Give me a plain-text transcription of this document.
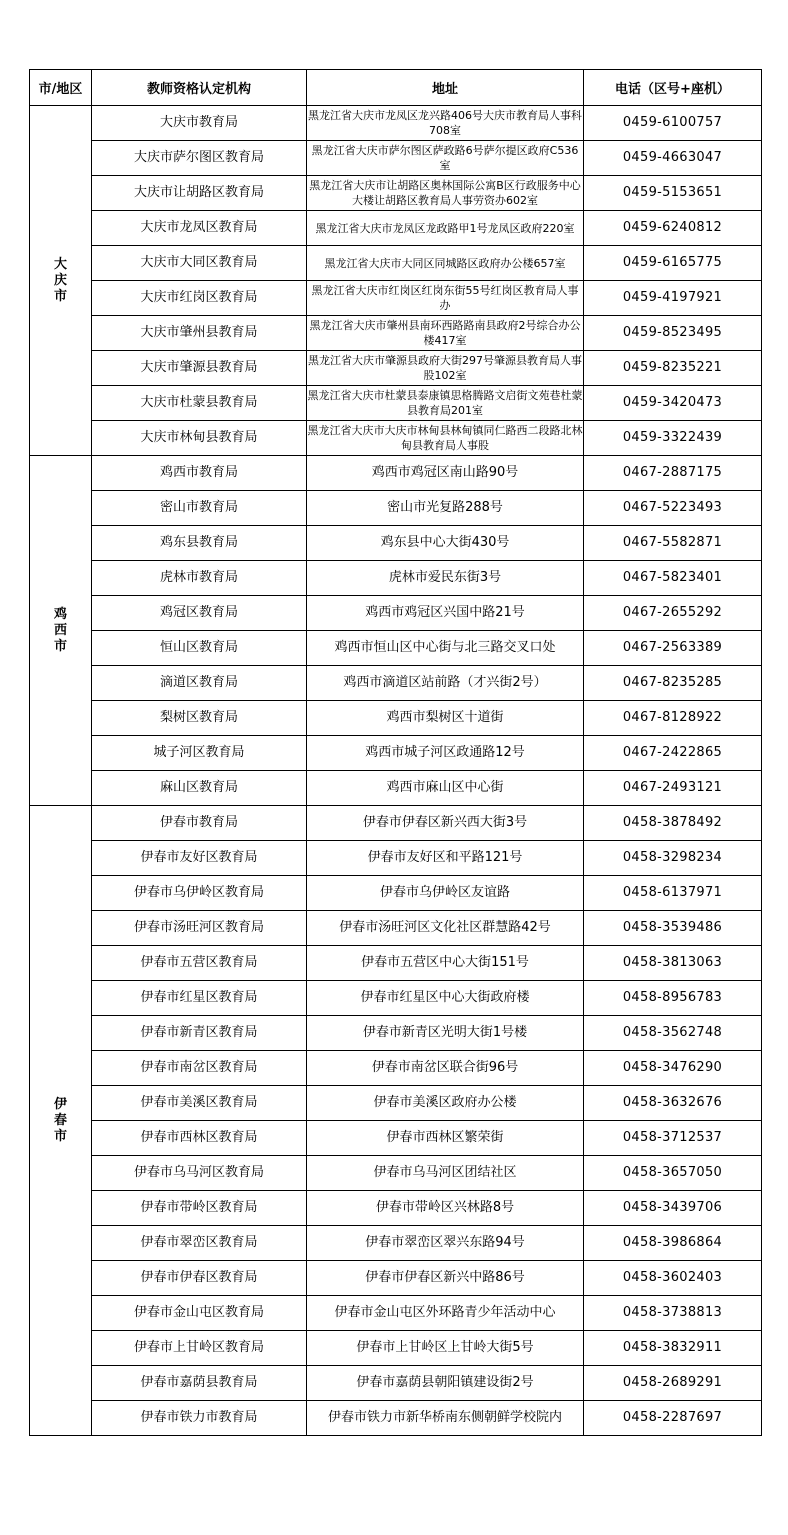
市/地区	教师资格认定机构	地址	电话（区号+座机）
大庆市	大庆市教育局	黑龙江省大庆市龙凤区龙兴路406号大庆市教育局人事科708室	0459-6100757
	大庆市萨尔图区教育局	黑龙江省大庆市萨尔图区萨政路6号萨尔提区政府C536室	0459-4663047
	大庆市让胡路区教育局	黑龙江省大庆市让胡路区奥林国际公寓B区行政服务中心大楼让胡路区教育局人事劳资办602室	0459-5153651
	大庆市龙凤区教育局	黑龙江省大庆市龙凤区龙政路甲1号龙凤区政府220室	0459-6240812
	大庆市大同区教育局	黑龙江省大庆市大同区同城路区政府办公楼657室	0459-6165775
	大庆市红岗区教育局	黑龙江省大庆市红岗区红岗东街55号红岗区教育局人事办	0459-4197921
	大庆市肇州县教育局	黑龙江省大庆市肇州县南环西路路南县政府2号综合办公楼417室	0459-8523495
	大庆市肇源县教育局	黑龙江省大庆市肇源县政府大街297号肇源县教育局人事股102室	0459-8235221
	大庆市杜蒙县教育局	黑龙江省大庆市杜蒙县泰康镇思格腾路文启街文苑巷杜蒙县教育局201室	0459-3420473
	大庆市林甸县教育局	黑龙江省大庆市大庆市林甸县林甸镇同仁路西二段路北林甸县教育局人事股	0459-3322439
鸡西市	鸡西市教育局	鸡西市鸡冠区南山路90号	0467-2887175
	密山市教育局	密山市光复路288号	0467-5223493
	鸡东县教育局	鸡东县中心大街430号	0467-5582871
	虎林市教育局	虎林市爱民东街3号	0467-5823401
	鸡冠区教育局	鸡西市鸡冠区兴国中路21号	0467-2655292
	恒山区教育局	鸡西市恒山区中心街与北三路交叉口处	0467-2563389
	滴道区教育局	鸡西市滴道区站前路（才兴街2号）	0467-8235285
	梨树区教育局	鸡西市梨树区十道街	0467-8128922
	城子河区教育局	鸡西市城子河区政通路12号	0467-2422865
	麻山区教育局	鸡西市麻山区中心街	0467-2493121
伊春市	伊春市教育局	伊春市伊春区新兴西大街3号	0458-3878492
	伊春市友好区教育局	伊春市友好区和平路121号	0458-3298234
	伊春市乌伊岭区教育局	伊春市乌伊岭区友谊路	0458-6137971
	伊春市汤旺河区教育局	伊春市汤旺河区文化社区群慧路42号	0458-3539486
	伊春市五营区教育局	伊春市五营区中心大街151号	0458-3813063
	伊春市红星区教育局	伊春市红星区中心大街政府楼	0458-8956783
	伊春市新青区教育局	伊春市新青区光明大街1号楼	0458-3562748
	伊春市南岔区教育局	伊春市南岔区联合街96号	0458-3476290
	伊春市美溪区教育局	伊春市美溪区政府办公楼	0458-3632676
	伊春市西林区教育局	伊春市西林区繁荣街	0458-3712537
	伊春市乌马河区教育局	伊春市乌马河区团结社区	0458-3657050
	伊春市带岭区教育局	伊春市带岭区兴林路8号	0458-3439706
	伊春市翠峦区教育局	伊春市翠峦区翠兴东路94号	0458-3986864
	伊春市伊春区教育局	伊春市伊春区新兴中路86号	0458-3602403
	伊春市金山屯区教育局	伊春市金山屯区外环路青少年活动中心	0458-3738813
	伊春市上甘岭区教育局	伊春市上甘岭区上甘岭大街5号	0458-3832911
	伊春市嘉荫县教育局	伊春市嘉荫县朝阳镇建设街2号	0458-2689291
	伊春市铁力市教育局	伊春市铁力市新华桥南东侧朝鲜学校院内	0458-2287697
